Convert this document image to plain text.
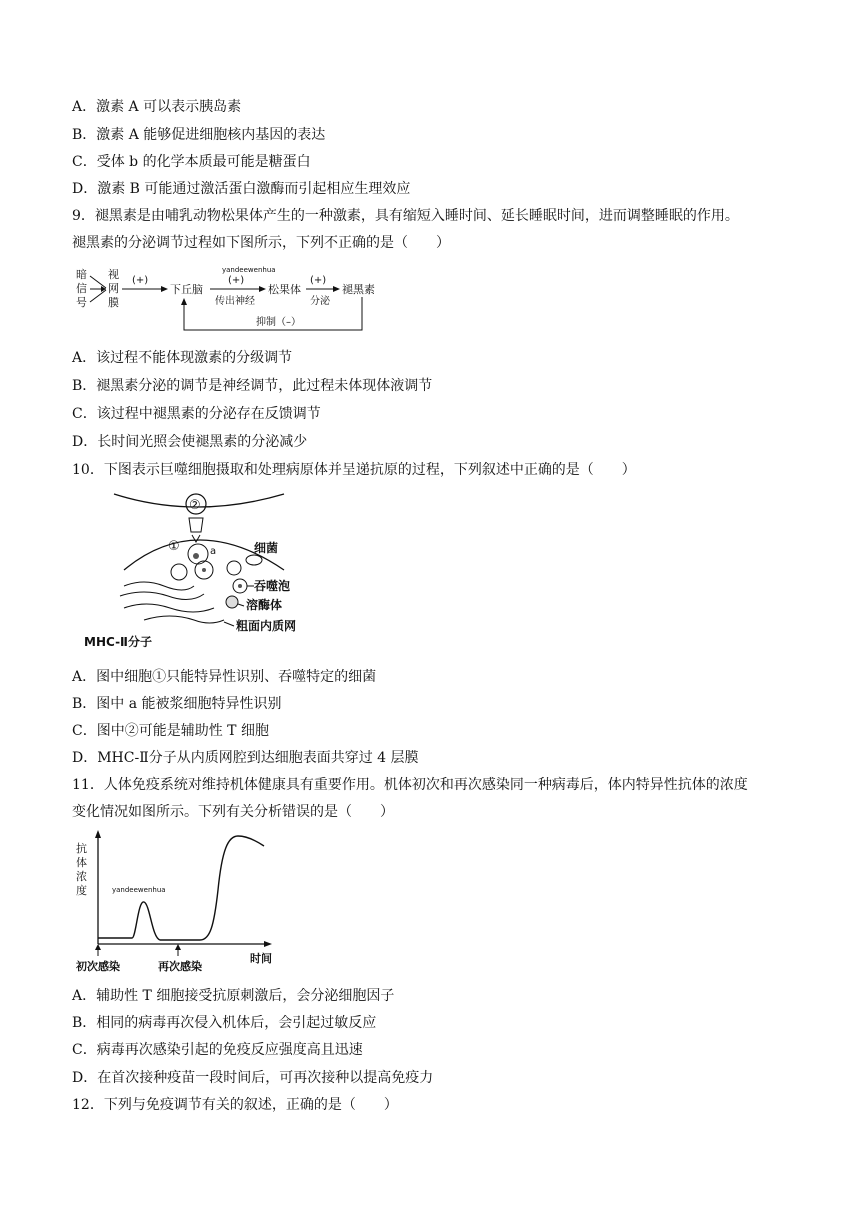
A．激素 A 可以表示胰岛素
B．激素 A 能够促进细胞核内基因的表达
C．受体 b 的化学本质最可能是糖蛋白
D．激素 B 可能通过激活蛋白激酶而引起相应生理效应
9．褪黑素是由哺乳动物松果体产生的一种激素，具有缩短入睡时间、延长睡眠时间，进而调整睡眠的作用。
褪黑素的分泌调节过程如下图所示，下列不正确的是（　　）
暗
信
号
视
网
膜
(+)
下丘脑
(+)
传出神经
松果体
(+)
分泌
褪黑素
抑制（–）
yandeewenhua
A．该过程不能体现激素的分级调节
B．褪黑素分泌的调节是神经调节，此过程未体现体液调节
C．该过程中褪黑素的分泌存在反馈调节
D．长时间光照会使褪黑素的分泌减少
10．下图表示巨噬细胞摄取和处理病原体并呈递抗原的过程，下列叙述中正确的是（　　）
②
①	a	细菌
吞噬泡
溶酶体
粗面内质网
MHC-Ⅱ分子
A．图中细胞①只能特异性识别、吞噬特定的细菌
B．图中 a 能被浆细胞特异性识别
C．图中②可能是辅助性 T 细胞
D．MHC-Ⅱ分子从内质网腔到达细胞表面共穿过 4 层膜
11．人体免疫系统对维持机体健康具有重要作用。机体初次和再次感染同一种病毒后，体内特异性抗体的浓度
变化情况如图所示。下列有关分析错误的是（　　）
抗
体
浓
度
初次感染	再次感染
时间
yandeewenhua
A．辅助性 T 细胞接受抗原刺激后，会分泌细胞因子
B．相同的病毒再次侵入机体后，会引起过敏反应
C．病毒再次感染引起的免疫反应强度高且迅速
D．在首次接种疫苗一段时间后，可再次接种以提高免疫力
12．下列与免疫调节有关的叙述，正确的是（　　）
